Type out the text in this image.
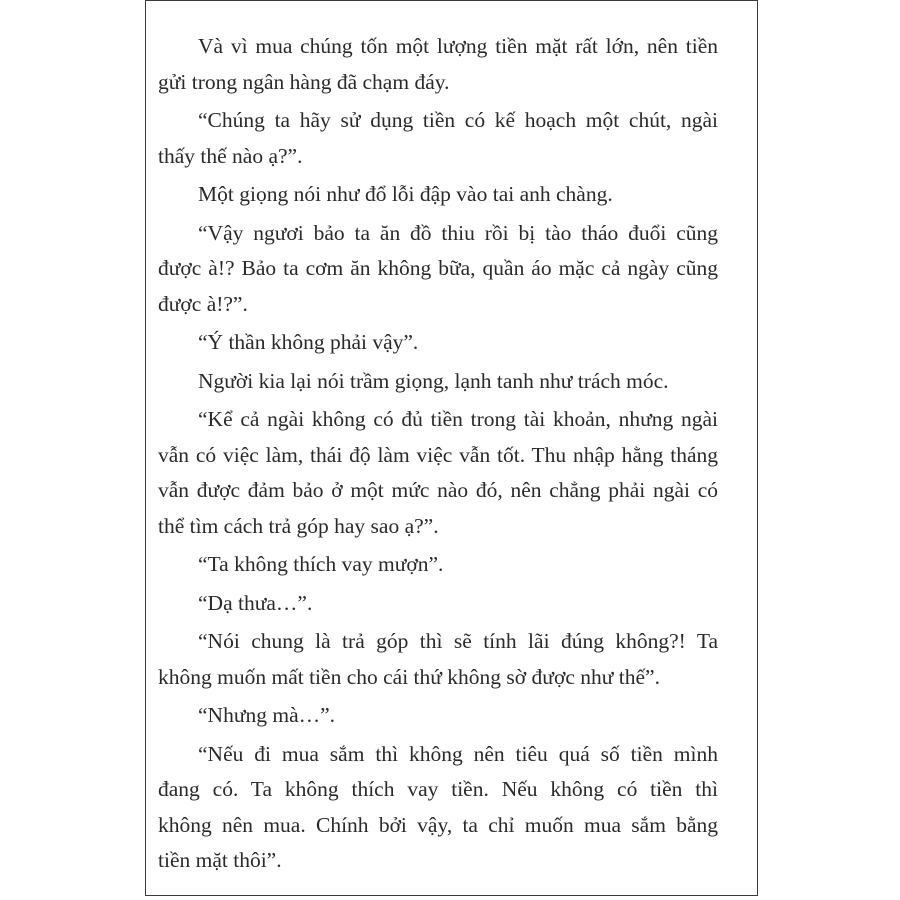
Và vì mua chúng tốn một lượng tiền mặt rất lớn, nên tiền
gửi trong ngân hàng đã chạm đáy.
“Chúng ta hãy sử dụng tiền có kế hoạch một chút, ngài
thấy thế nào ạ?”.
Một giọng nói như đổ lỗi đập vào tai anh chàng.
“Vậy ngươi bảo ta ăn đồ thiu rồi bị tào tháo đuổi cũng
được à!? Bảo ta cơm ăn không bữa, quần áo mặc cả ngày cũng
được à!?”.
“Ý thần không phải vậy”.
Người kia lại nói trầm giọng, lạnh tanh như trách móc.
“Kể cả ngài không có đủ tiền trong tài khoản, nhưng ngài
vẫn có việc làm, thái độ làm việc vẫn tốt. Thu nhập hằng tháng
vẫn được đảm bảo ở một mức nào đó, nên chẳng phải ngài có
thể tìm cách trả góp hay sao ạ?”.
“Ta không thích vay mượn”.
“Dạ thưa…”.
“Nói chung là trả góp thì sẽ tính lãi đúng không?! Ta
không muốn mất tiền cho cái thứ không sờ được như thế”.
“Nhưng mà…”.
“Nếu đi mua sắm thì không nên tiêu quá số tiền mình
đang có. Ta không thích vay tiền. Nếu không có tiền thì
không nên mua. Chính bởi vậy, ta chỉ muốn mua sắm bằng
tiền mặt thôi”.
